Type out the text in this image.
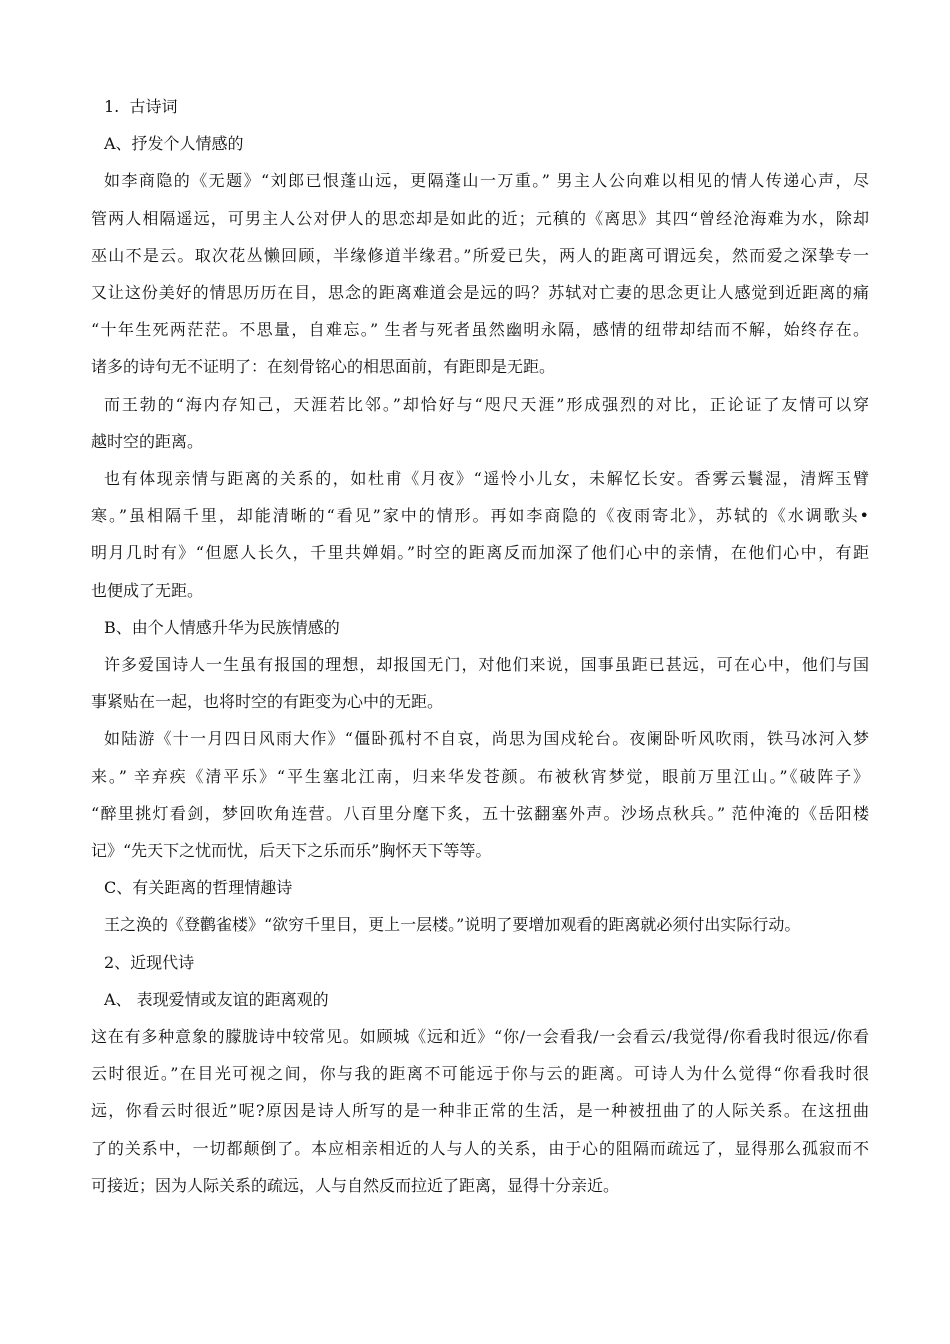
1.  古诗词

A、抒发个人情感的

如李商隐的《无题》“刘郎已恨蓬山远，更隔蓬山一万重。” 男主人公向难以相见的情人传递心声，尽

管两人相隔遥远，可男主人公对伊人的思恋却是如此的近；元稹的《离思》其四“曾经沧海难为水，除却

巫山不是云。取次花丛懒回顾，半缘修道半缘君。”所爱已失，两人的距离可谓远矣，然而爱之深挚专一

又让这份美好的情思历历在目，思念的距离难道会是远的吗？苏轼对亡妻的思念更让人感觉到近距离的痛

“十年生死两茫茫。不思量，自难忘。” 生者与死者虽然幽明永隔，感情的纽带却结而不解，始终存在。

诸多的诗句无不证明了：在刻骨铭心的相思面前，有距即是无距。

而王勃的“海内存知己，天涯若比邻。”却恰好与“咫尺天涯”形成强烈的对比，正论证了友情可以穿

越时空的距离。

也有体现亲情与距离的关系的，如杜甫《月夜》“遥怜小儿女，未解忆长安。香雾云鬟湿，清辉玉臂

寒。”虽相隔千里，却能清晰的“看见”家中的情形。再如李商隐的《夜雨寄北》，苏轼的《水调歌头•

明月几时有》“但愿人长久，千里共婵娟。”时空的距离反而加深了他们心中的亲情，在他们心中，有距

也便成了无距。

B、由个人情感升华为民族情感的

许多爱国诗人一生虽有报国的理想，却报国无门，对他们来说，国事虽距已甚远，可在心中，他们与国

事紧贴在一起，也将时空的有距变为心中的无距。

如陆游《十一月四日风雨大作》“僵卧孤村不自哀，尚思为国戍轮台。夜阑卧听风吹雨，铁马冰河入梦

来。” 辛弃疾《清平乐》“平生塞北江南，归来华发苍颜。布被秋宵梦觉，眼前万里江山。”《破阵子》

“醉里挑灯看剑，梦回吹角连营。八百里分麾下炙，五十弦翻塞外声。沙场点秋兵。” 范仲淹的《岳阳楼

记》“先天下之忧而忧，后天下之乐而乐”胸怀天下等等。

C、有关距离的哲理情趣诗

王之涣的《登鹳雀楼》“欲穷千里目，更上一层楼。”说明了要增加观看的距离就必须付出实际行动。

2、近现代诗

A、 表现爱情或友谊的距离观的

这在有多种意象的朦胧诗中较常见。如顾城《远和近》“你/一会看我/一会看云/我觉得/你看我时很远/你看

云时很近。”在目光可视之间，你与我的距离不可能远于你与云的距离。可诗人为什么觉得“你看我时很

远，你看云时很近”呢?原因是诗人所写的是一种非正常的生活，是一种被扭曲了的人际关系。在这扭曲

了的关系中，一切都颠倒了。本应相亲相近的人与人的关系，由于心的阻隔而疏远了，显得那么孤寂而不

可接近；因为人际关系的疏远，人与自然反而拉近了距离，显得十分亲近。
